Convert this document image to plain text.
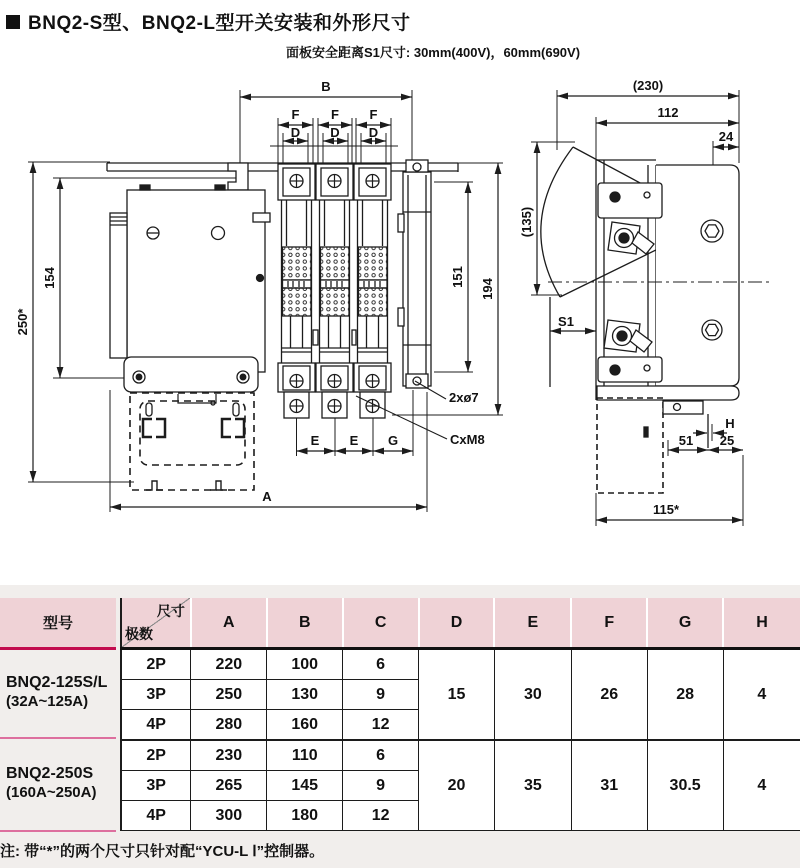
BNQ2-S型、BNQ2-L型开关安装和外形尺寸
面板安全距离S1尺寸: 30mm(400V)，60mm(690V)
B
F F F
D D D
154
250*
151
194
E E G
A
2xø7
CxM8
(230)
112
24
(135)
S1
H
51 25
115*
型号
BNQ2-125S/L
(32A~125A)
BNQ2-250S
(160A~250A)
尺寸
极数	A	B	C	D	E	F	G	H
2P	220	100	6	15	30	26	28	4
3P	250	130	9					
4P	280	160	12					
2P	230	110	6	20	35	31	30.5	4
3P	265	145	9					
4P	300	180	12					
注: 带“*”的两个尺寸只针对配“YCU-L Ⅰ”控制器。
